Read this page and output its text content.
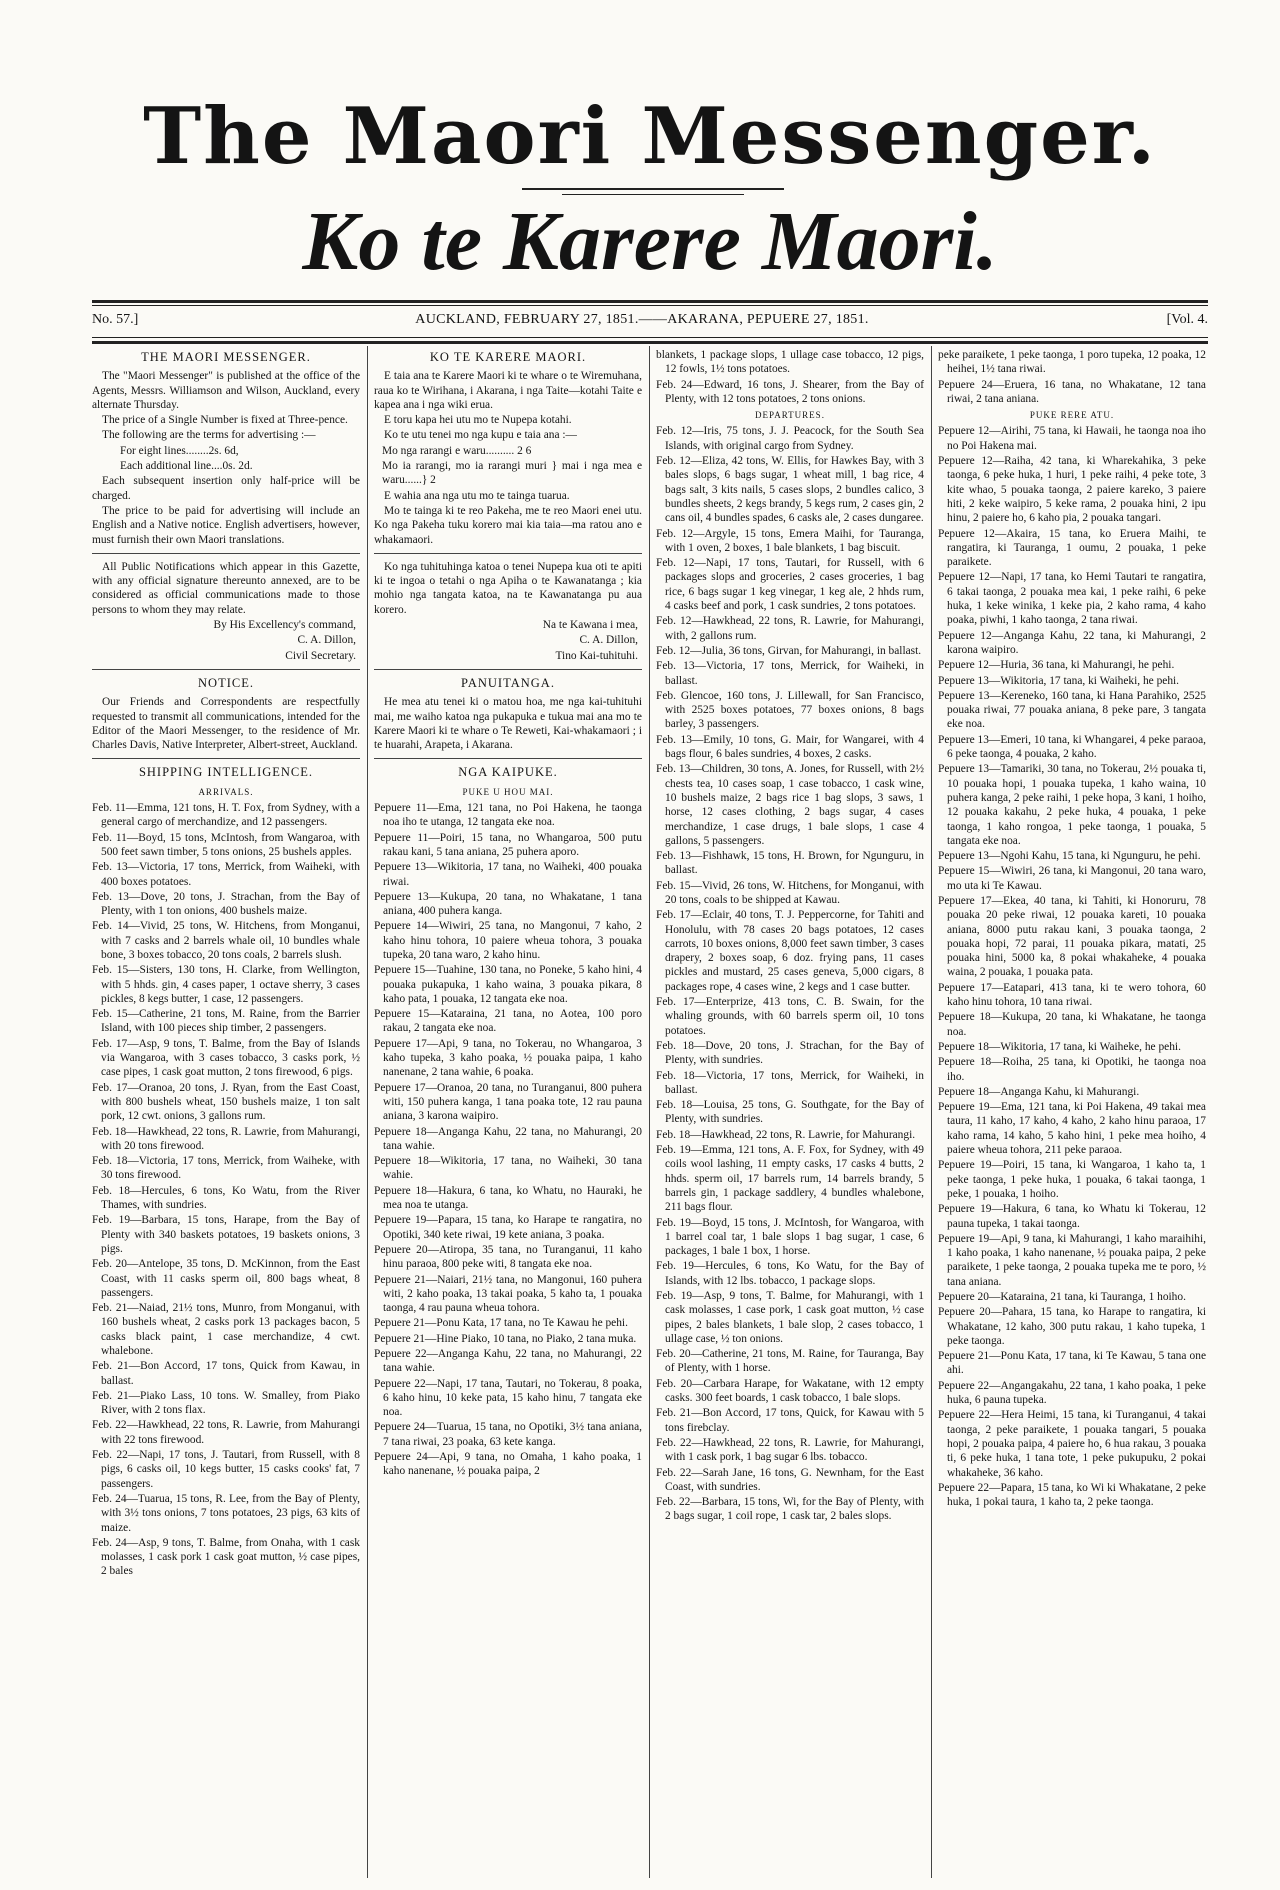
The Maori Messenger.
Ko te Karere Maori.
No. 57.]	AUCKLAND, FEBRUARY 27, 1851.——AKARANA, PEPUERE 27, 1851.	[Vol. 4.
THE MAORI MESSENGER.

The "Maori Messenger" is published at the office of the Agents, Messrs. Williamson and Wilson, Auckland, every alternate Thursday.

The price of a Single Number is fixed at Three-pence.

The following are the terms for advertising :—

For eight lines........2s. 6d,

Each additional line....0s. 2d.

Each subsequent insertion only half-price will be charged.

The price to be paid for advertising will include an English and a Native notice. English advertisers, however, must furnish their own Maori translations.

All Public Notifications which appear in this Gazette, with any official signature thereunto annexed, are to be considered as official communications made to those persons to whom they may relate.

By His Excellency's command,

C. A. Dillon,

Civil Secretary.

NOTICE.

Our Friends and Correspondents are respectfully requested to transmit all communications, intended for the Editor of the Maori Messenger, to the residence of Mr. Charles Davis, Native Interpreter, Albert-street, Auckland.

SHIPPING INTELLIGENCE.
ARRIVALS.

Feb. 11—Emma, 121 tons, H. T. Fox, from Sydney, with a general cargo of merchandize, and 12 passengers.

Feb. 11—Boyd, 15 tons, McIntosh, from Wangaroa, with 500 feet sawn timber, 5 tons onions, 25 bushels apples.

Feb. 13—Victoria, 17 tons, Merrick, from Waiheki, with 400 boxes potatoes.

Feb. 13—Dove, 20 tons, J. Strachan, from the Bay of Plenty, with 1 ton onions, 400 bushels maize.

Feb. 14—Vivid, 25 tons, W. Hitchens, from Monganui, with 7 casks and 2 barrels whale oil, 10 bundles whale bone, 3 boxes tobacco, 20 tons coals, 2 barrels slush.

Feb. 15—Sisters, 130 tons, H. Clarke, from Wellington, with 5 hhds. gin, 4 cases paper, 1 octave sherry, 3 cases pickles, 8 kegs butter, 1 case, 12 passengers.

Feb. 15—Catherine, 21 tons, M. Raine, from the Barrier Island, with 100 pieces ship timber, 2 passengers.

Feb. 17—Asp, 9 tons, T. Balme, from the Bay of Islands via Wangaroa, with 3 cases tobacco, 3 casks pork, ½ case pipes, 1 cask goat mutton, 2 tons firewood, 6 pigs.

Feb. 17—Oranoa, 20 tons, J. Ryan, from the East Coast, with 800 bushels wheat, 150 bushels maize, 1 ton salt pork, 12 cwt. onions, 3 gallons rum.

Feb. 18—Hawkhead, 22 tons, R. Lawrie, from Mahurangi, with 20 tons firewood.

Feb. 18—Victoria, 17 tons, Merrick, from Waiheke, with 30 tons firewood.

Feb. 18—Hercules, 6 tons, Ko Watu, from the River Thames, with sundries.

Feb. 19—Barbara, 15 tons, Harape, from the Bay of Plenty with 340 baskets potatoes, 19 baskets onions, 3 pigs.

Feb. 20—Antelope, 35 tons, D. McKinnon, from the East Coast, with 11 casks sperm oil, 800 bags wheat, 8 passengers.

Feb. 21—Naiad, 21½ tons, Munro, from Monganui, with 160 bushels wheat, 2 casks pork 13 packages bacon, 5 casks black paint, 1 case merchandize, 4 cwt. whalebone.

Feb. 21—Bon Accord, 17 tons, Quick from Kawau, in ballast.

Feb. 21—Piako Lass, 10 tons. W. Smalley, from Piako River, with 2 tons flax.

Feb. 22—Hawkhead, 22 tons, R. Lawrie, from Mahurangi with 22 tons firewood.

Feb. 22—Napi, 17 tons, J. Tautari, from Russell, with 8 pigs, 6 casks oil, 10 kegs butter, 15 casks cooks' fat, 7 passengers.

Feb. 24—Tuarua, 15 tons, R. Lee, from the Bay of Plenty, with 3½ tons onions, 7 tons potatoes, 23 pigs, 63 kits of maize.

Feb. 24—Asp, 9 tons, T. Balme, from Onaha, with 1 cask molasses, 1 cask pork 1 cask goat mutton, ½ case pipes, 2 bales

KO TE KARERE MAORI.

E taia ana te Karere Maori ki te whare o te Wiremuhana, raua ko te Wirihana, i Akarana, i nga Taite—kotahi Taite e kapea ana i nga wiki erua.

E toru kapa hei utu mo te Nupepa kotahi.

Ko te utu tenei mo nga kupu e taia ana :—

Mo nga rarangi e waru.......... 2 6

Mo ia rarangi, mo ia rarangi muri } mai i nga mea e waru......} 2

E wahia ana nga utu mo te tainga tuarua.

Mo te tainga ki te reo Pakeha, me te reo Maori enei utu. Ko nga Pakeha tuku korero mai kia taia—ma ratou ano e whakamaori.

Ko nga tuhituhinga katoa o tenei Nupepa kua oti te apiti ki te ingoa o tetahi o nga Apiha o te Kawanatanga ; kia mohio nga tangata katoa, na te Kawanatanga pu aua korero.

Na te Kawana i mea,

C. A. Dillon,

Tino Kai-tuhituhi.

PANUITANGA.

He mea atu tenei ki o matou hoa, me nga kai-tuhituhi mai, me waiho katoa nga pukapuka e tukua mai ana mo te Karere Maori ki te whare o Te Reweti, Kai-whakamaori ; i te huarahi, Arapeta, i Akarana.

NGA KAIPUKE.
PUKE U HOU MAI.

Pepuere 11—Ema, 121 tana, no Poi Hakena, he taonga noa iho te utanga, 12 tangata eke noa.

Pepuere 11—Poiri, 15 tana, no Whangaroa, 500 putu rakau kani, 5 tana aniana, 25 puhera aporo.

Pepuere 13—Wikitoria, 17 tana, no Waiheki, 400 pouaka riwai.

Pepuere 13—Kukupa, 20 tana, no Whakatane, 1 tana aniana, 400 puhera kanga.

Pepuere 14—Wiwiri, 25 tana, no Mangonui, 7 kaho, 2 kaho hinu tohora, 10 paiere wheua tohora, 3 pouaka tupeka, 20 tana waro, 2 kaho hinu.

Pepuere 15—Tuahine, 130 tana, no Poneke, 5 kaho hini, 4 pouaka pukapuka, 1 kaho waina, 3 pouaka pikara, 8 kaho pata, 1 pouaka, 12 tangata eke noa.

Pepuere 15—Kataraina, 21 tana, no Aotea, 100 poro rakau, 2 tangata eke noa.

Pepuere 17—Api, 9 tana, no Tokerau, no Whangaroa, 3 kaho tupeka, 3 kaho poaka, ½ pouaka paipa, 1 kaho nanenane, 2 tana wahie, 6 poaka.

Pepuere 17—Oranoa, 20 tana, no Turanganui, 800 puhera witi, 150 puhera kanga, 1 tana poaka tote, 12 rau pauna aniana, 3 karona waipiro.

Pepuere 18—Anganga Kahu, 22 tana, no Mahurangi, 20 tana wahie.

Pepuere 18—Wikitoria, 17 tana, no Waiheki, 30 tana wahie.

Pepuere 18—Hakura, 6 tana, ko Whatu, no Hauraki, he mea noa te utanga.

Pepuere 19—Papara, 15 tana, ko Harape te rangatira, no Opotiki, 340 kete riwai, 19 kete aniana, 3 poaka.

Pepuere 20—Atiropa, 35 tana, no Turanganui, 11 kaho hinu paraoa, 800 peke witi, 8 tangata eke noa.

Pepuere 21—Naiari, 21½ tana, no Mangonui, 160 puhera witi, 2 kaho poaka, 13 takai poaka, 5 kaho ta, 1 pouaka taonga, 4 rau pauna wheua tohora.

Pepuere 21—Ponu Kata, 17 tana, no Te Kawau he pehi.

Pepuere 21—Hine Piako, 10 tana, no Piako, 2 tana muka.

Pepuere 22—Anganga Kahu, 22 tana, no Mahurangi, 22 tana wahie.

Pepuere 22—Napi, 17 tana, Tautari, no Tokerau, 8 poaka, 6 kaho hinu, 10 keke pata, 15 kaho hinu, 7 tangata eke noa.

Pepuere 24—Tuarua, 15 tana, no Opotiki, 3½ tana aniana, 7 tana riwai, 23 poaka, 63 kete kanga.

Pepuere 24—Api, 9 tana, no Omaha, 1 kaho poaka, 1 kaho nanenane, ½ pouaka paipa, 2

blankets, 1 package slops, 1 ullage case tobacco, 12 pigs, 12 fowls, 1½ tons potatoes.

Feb. 24—Edward, 16 tons, J. Shearer, from the Bay of Plenty, with 12 tons potatoes, 2 tons onions.

DEPARTURES.

Feb. 12—Iris, 75 tons, J. J. Peacock, for the South Sea Islands, with original cargo from Sydney.

Feb. 12—Eliza, 42 tons, W. Ellis, for Hawkes Bay, with 3 bales slops, 6 bags sugar, 1 wheat mill, 1 bag rice, 4 bags salt, 3 kits nails, 5 cases slops, 2 bundles calico, 3 bundles sheets, 2 kegs brandy, 5 kegs rum, 2 cases gin, 2 cans oil, 4 bundles spades, 6 casks ale, 2 cases dungaree.

Feb. 12—Argyle, 15 tons, Emera Maihi, for Tauranga, with 1 oven, 2 boxes, 1 bale blankets, 1 bag biscuit.

Feb. 12—Napi, 17 tons, Tautari, for Russell, with 6 packages slops and groceries, 2 cases groceries, 1 bag rice, 6 bags sugar 1 keg vinegar, 1 keg ale, 2 hhds rum, 4 casks beef and pork, 1 cask sundries, 2 tons potatoes.

Feb. 12—Hawkhead, 22 tons, R. Lawrie, for Mahurangi, with, 2 gallons rum.

Feb. 12—Julia, 36 tons, Girvan, for Mahurangi, in ballast.

Feb. 13—Victoria, 17 tons, Merrick, for Waiheki, in ballast.

Feb. Glencoe, 160 tons, J. Lillewall, for San Francisco, with 2525 boxes potatoes, 77 boxes onions, 8 bags barley, 3 passengers.

Feb. 13—Emily, 10 tons, G. Mair, for Wangarei, with 4 bags flour, 6 bales sundries, 4 boxes, 2 casks.

Feb. 13—Children, 30 tons, A. Jones, for Russell, with 2½ chests tea, 10 cases soap, 1 case tobacco, 1 cask wine, 10 bushels maize, 2 bags rice 1 bag slops, 3 saws, 1 horse, 12 cases clothing, 2 bags sugar, 4 cases merchandize, 1 case drugs, 1 bale slops, 1 case 4 gallons, 5 passengers.

Feb. 13—Fishhawk, 15 tons, H. Brown, for Ngunguru, in ballast.

Feb. 15—Vivid, 26 tons, W. Hitchens, for Monganui, with 20 tons, coals to be shipped at Kawau.

Feb. 17—Eclair, 40 tons, T. J. Peppercorne, for Tahiti and Honolulu, with 78 cases 20 bags potatoes, 12 cases carrots, 10 boxes onions, 8,000 feet sawn timber, 3 cases drapery, 2 boxes soap, 6 doz. frying pans, 11 cases pickles and mustard, 25 cases geneva, 5,000 cigars, 8 packages rope, 4 cases wine, 2 kegs and 1 case butter.

Feb. 17—Enterprize, 413 tons, C. B. Swain, for the whaling grounds, with 60 barrels sperm oil, 10 tons potatoes.

Feb. 18—Dove, 20 tons, J. Strachan, for the Bay of Plenty, with sundries.

Feb. 18—Victoria, 17 tons, Merrick, for Waiheki, in ballast.

Feb. 18—Louisa, 25 tons, G. Southgate, for the Bay of Plenty, with sundries.

Feb. 18—Hawkhead, 22 tons, R. Lawrie, for Mahurangi.

Feb. 19—Emma, 121 tons, A. F. Fox, for Sydney, with 49 coils wool lashing, 11 empty casks, 17 casks 4 butts, 2 hhds. sperm oil, 17 barrels rum, 14 barrels brandy, 5 barrels gin, 1 package saddlery, 4 bundles whalebone, 211 bags flour.

Feb. 19—Boyd, 15 tons, J. McIntosh, for Wangaroa, with 1 barrel coal tar, 1 bale slops 1 bag sugar, 1 case, 6 packages, 1 bale 1 box, 1 horse.

Feb. 19—Hercules, 6 tons, Ko Watu, for the Bay of Islands, with 12 lbs. tobacco, 1 package slops.

Feb. 19—Asp, 9 tons, T. Balme, for Mahurangi, with 1 cask molasses, 1 case pork, 1 cask goat mutton, ½ case pipes, 2 bales blankets, 1 bale slop, 2 cases tobacco, 1 ullage case, ½ ton onions.

Feb. 20—Catherine, 21 tons, M. Raine, for Tauranga, Bay of Plenty, with 1 horse.

Feb. 20—Carbara Harape, for Wakatane, with 12 empty casks. 300 feet boards, 1 cask tobacco, 1 bale slops.

Feb. 21—Bon Accord, 17 tons, Quick, for Kawau with 5 tons firebclay.

Feb. 22—Hawkhead, 22 tons, R. Lawrie, for Mahurangi, with 1 cask pork, 1 bag sugar 6 lbs. tobacco.

Feb. 22—Sarah Jane, 16 tons, G. Newnham, for the East Coast, with sundries.

Feb. 22—Barbara, 15 tons, Wi, for the Bay of Plenty, with 2 bags sugar, 1 coil rope, 1 cask tar, 2 bales slops.

peke paraikete, 1 peke taonga, 1 poro tupeka, 12 poaka, 12 heihei, 1½ tana riwai.

Pepuere 24—Eruera, 16 tana, no Whakatane, 12 tana riwai, 2 tana aniana.

PUKE RERE ATU.

Pepuere 12—Airihi, 75 tana, ki Hawaii, he taonga noa iho no Poi Hakena mai.

Pepuere 12—Raiha, 42 tana, ki Wharekahika, 3 peke taonga, 6 peke huka, 1 huri, 1 peke raihi, 4 peke tote, 3 kite whao, 5 pouaka taonga, 2 paiere kareko, 3 paiere hiti, 2 keke waipiro, 5 keke rama, 2 pouaka hini, 2 ipu hinu, 2 paiere ho, 6 kaho pia, 2 pouaka tangari.

Pepuere 12—Akaira, 15 tana, ko Eruera Maihi, te rangatira, ki Tauranga, 1 oumu, 2 pouaka, 1 peke paraikete.

Pepuere 12—Napi, 17 tana, ko Hemi Tautari te rangatira, 6 takai taonga, 2 pouaka mea kai, 1 peke raihi, 6 peke huka, 1 keke winika, 1 keke pia, 2 kaho rama, 4 kaho poaka, piwhi, 1 kaho taonga, 2 tana riwai.

Pepuere 12—Anganga Kahu, 22 tana, ki Mahurangi, 2 karona waipiro.

Pepuere 12—Huria, 36 tana, ki Mahurangi, he pehi.

Pepuere 13—Wikitoria, 17 tana, ki Waiheki, he pehi.

Pepuere 13—Kereneko, 160 tana, ki Hana Parahiko, 2525 pouaka riwai, 77 pouaka aniana, 8 peke pare, 3 tangata eke noa.

Pepuere 13—Emeri, 10 tana, ki Whangarei, 4 peke paraoa, 6 peke taonga, 4 pouaka, 2 kaho.

Pepuere 13—Tamariki, 30 tana, no Tokerau, 2½ pouaka ti, 10 pouaka hopi, 1 pouaka tupeka, 1 kaho waina, 10 puhera kanga, 2 peke raihi, 1 peke hopa, 3 kani, 1 hoiho, 12 pouaka kakahu, 2 peke huka, 4 pouaka, 1 peke taonga, 1 kaho rongoa, 1 peke taonga, 1 pouaka, 5 tangata eke noa.

Pepuere 13—Ngohi Kahu, 15 tana, ki Ngunguru, he pehi.

Pepuere 15—Wiwiri, 26 tana, ki Mangonui, 20 tana waro, mo uta ki Te Kawau.

Pepuere 17—Ekea, 40 tana, ki Tahiti, ki Honoruru, 78 pouaka 20 peke riwai, 12 pouaka kareti, 10 pouaka aniana, 8000 putu rakau kani, 3 pouaka taonga, 2 pouaka hopi, 72 parai, 11 pouaka pikara, matati, 25 pouaka hini, 5000 ka, 8 pokai whakaheke, 4 pouaka waina, 2 pouaka, 1 pouaka pata.

Pepuere 17—Eatapari, 413 tana, ki te wero tohora, 60 kaho hinu tohora, 10 tana riwai.

Pepuere 18—Kukupa, 20 tana, ki Whakatane, he taonga noa.

Pepuere 18—Wikitoria, 17 tana, ki Waiheke, he pehi.

Pepuere 18—Roiha, 25 tana, ki Opotiki, he taonga noa iho.

Pepuere 18—Anganga Kahu, ki Mahurangi.

Pepuere 19—Ema, 121 tana, ki Poi Hakena, 49 takai mea taura, 11 kaho, 17 kaho, 4 kaho, 2 kaho hinu paraoa, 17 kaho rama, 14 kaho, 5 kaho hini, 1 peke mea hoiho, 4 paiere wheua tohora, 211 peke paraoa.

Pepuere 19—Poiri, 15 tana, ki Wangaroa, 1 kaho ta, 1 peke taonga, 1 peke huka, 1 pouaka, 6 takai taonga, 1 peke, 1 pouaka, 1 hoiho.

Pepuere 19—Hakura, 6 tana, ko Whatu ki Tokerau, 12 pauna tupeka, 1 takai taonga.

Pepuere 19—Api, 9 tana, ki Mahurangi, 1 kaho maraihihi, 1 kaho poaka, 1 kaho nanenane, ½ pouaka paipa, 2 peke paraikete, 1 peke taonga, 2 pouaka tupeka me te poro, ½ tana aniana.

Pepuere 20—Kataraina, 21 tana, ki Tauranga, 1 hoiho.

Pepuere 20—Pahara, 15 tana, ko Harape to rangatira, ki Whakatane, 12 kaho, 300 putu rakau, 1 kaho tupeka, 1 peke taonga.

Pepuere 21—Ponu Kata, 17 tana, ki Te Kawau, 5 tana one ahi.

Pepuere 22—Angangakahu, 22 tana, 1 kaho poaka, 1 peke huka, 6 pauna tupeka.

Pepuere 22—Hera Heimi, 15 tana, ki Turanganui, 4 takai taonga, 2 peke paraikete, 1 pouaka tangari, 5 pouaka hopi, 2 pouaka paipa, 4 paiere ho, 6 hua rakau, 3 pouaka ti, 6 peke huka, 1 tana tote, 1 peke pukupuku, 2 pokai whakaheke, 36 kaho.

Pepuere 22—Papara, 15 tana, ko Wi ki Whakatane, 2 peke huka, 1 pokai taura, 1 kaho ta, 2 peke taonga.
